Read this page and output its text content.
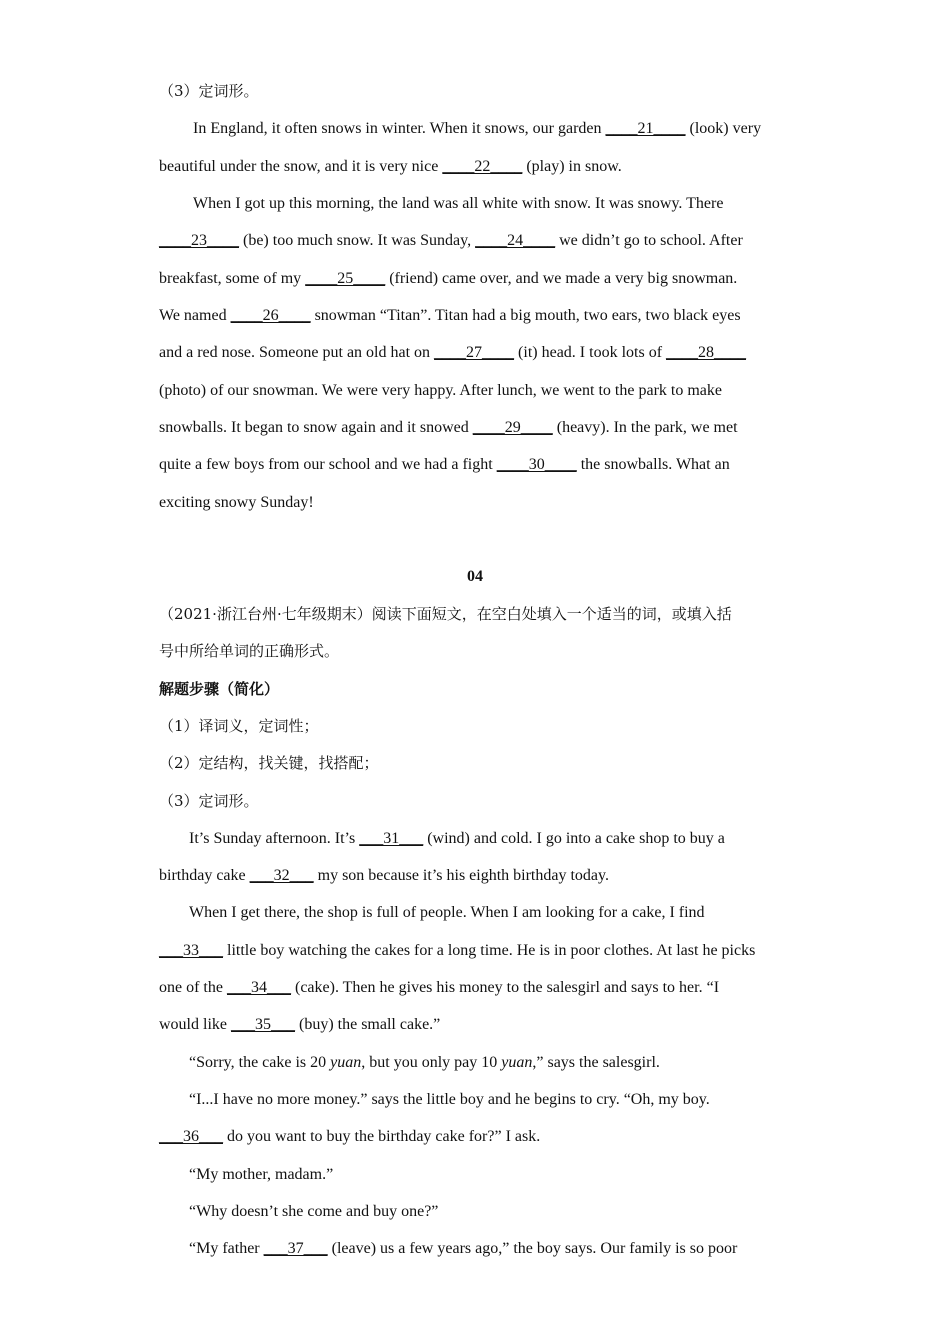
（3）定词形。
In England, it often snows in winter. When it snows, our garden ____21____ (look) very
beautiful under the snow, and it is very nice ____22____ (play) in snow.
When I got up this morning, the land was all white with snow. It was snowy. There
____23____ (be) too much snow. It was Sunday, ____24____ we didn’t go to school. After
breakfast, some of my ____25____ (friend) came over, and we made a very big snowman.
We named ____26____ snowman “Titan”. Titan had a big mouth, two ears, two black eyes
and a red nose. Someone put an old hat on ____27____ (it) head. I took lots of ____28____
(photo) of our snowman. We were very happy. After lunch, we went to the park to make
snowballs. It began to snow again and it snowed ____29____ (heavy). In the park, we met
quite a few boys from our school and we had a fight ____30____ the snowballs. What an
exciting snowy Sunday!
04
（2021·浙江台州·七年级期末）阅读下面短文，在空白处填入一个适当的词，或填入括
号中所给单词的正确形式。
解题步骤（简化）
（1）译词义，定词性；
（2）定结构，找关键，找搭配；
（3）定词形。
It’s Sunday afternoon. It’s ___31___ (wind) and cold. I go into a cake shop to buy a
birthday cake ___32___ my son because it’s his eighth birthday today.
When I get there, the shop is full of people. When I am looking for a cake, I find
___33___ little boy watching the cakes for a long time. He is in poor clothes. At last he picks
one of the ___34___ (cake). Then he gives his money to the salesgirl and says to her. “I
would like ___35___ (buy) the small cake.”
“Sorry, the cake is 20 yuan, but you only pay 10 yuan,” says the salesgirl.
“I...I have no more money.” says the little boy and he begins to cry. “Oh, my boy.
___36___ do you want to buy the birthday cake for?” I ask.
“My mother, madam.”
“Why doesn’t she come and buy one?”
“My father ___37___ (leave) us a few years ago,” the boy says. Our family is so poor
